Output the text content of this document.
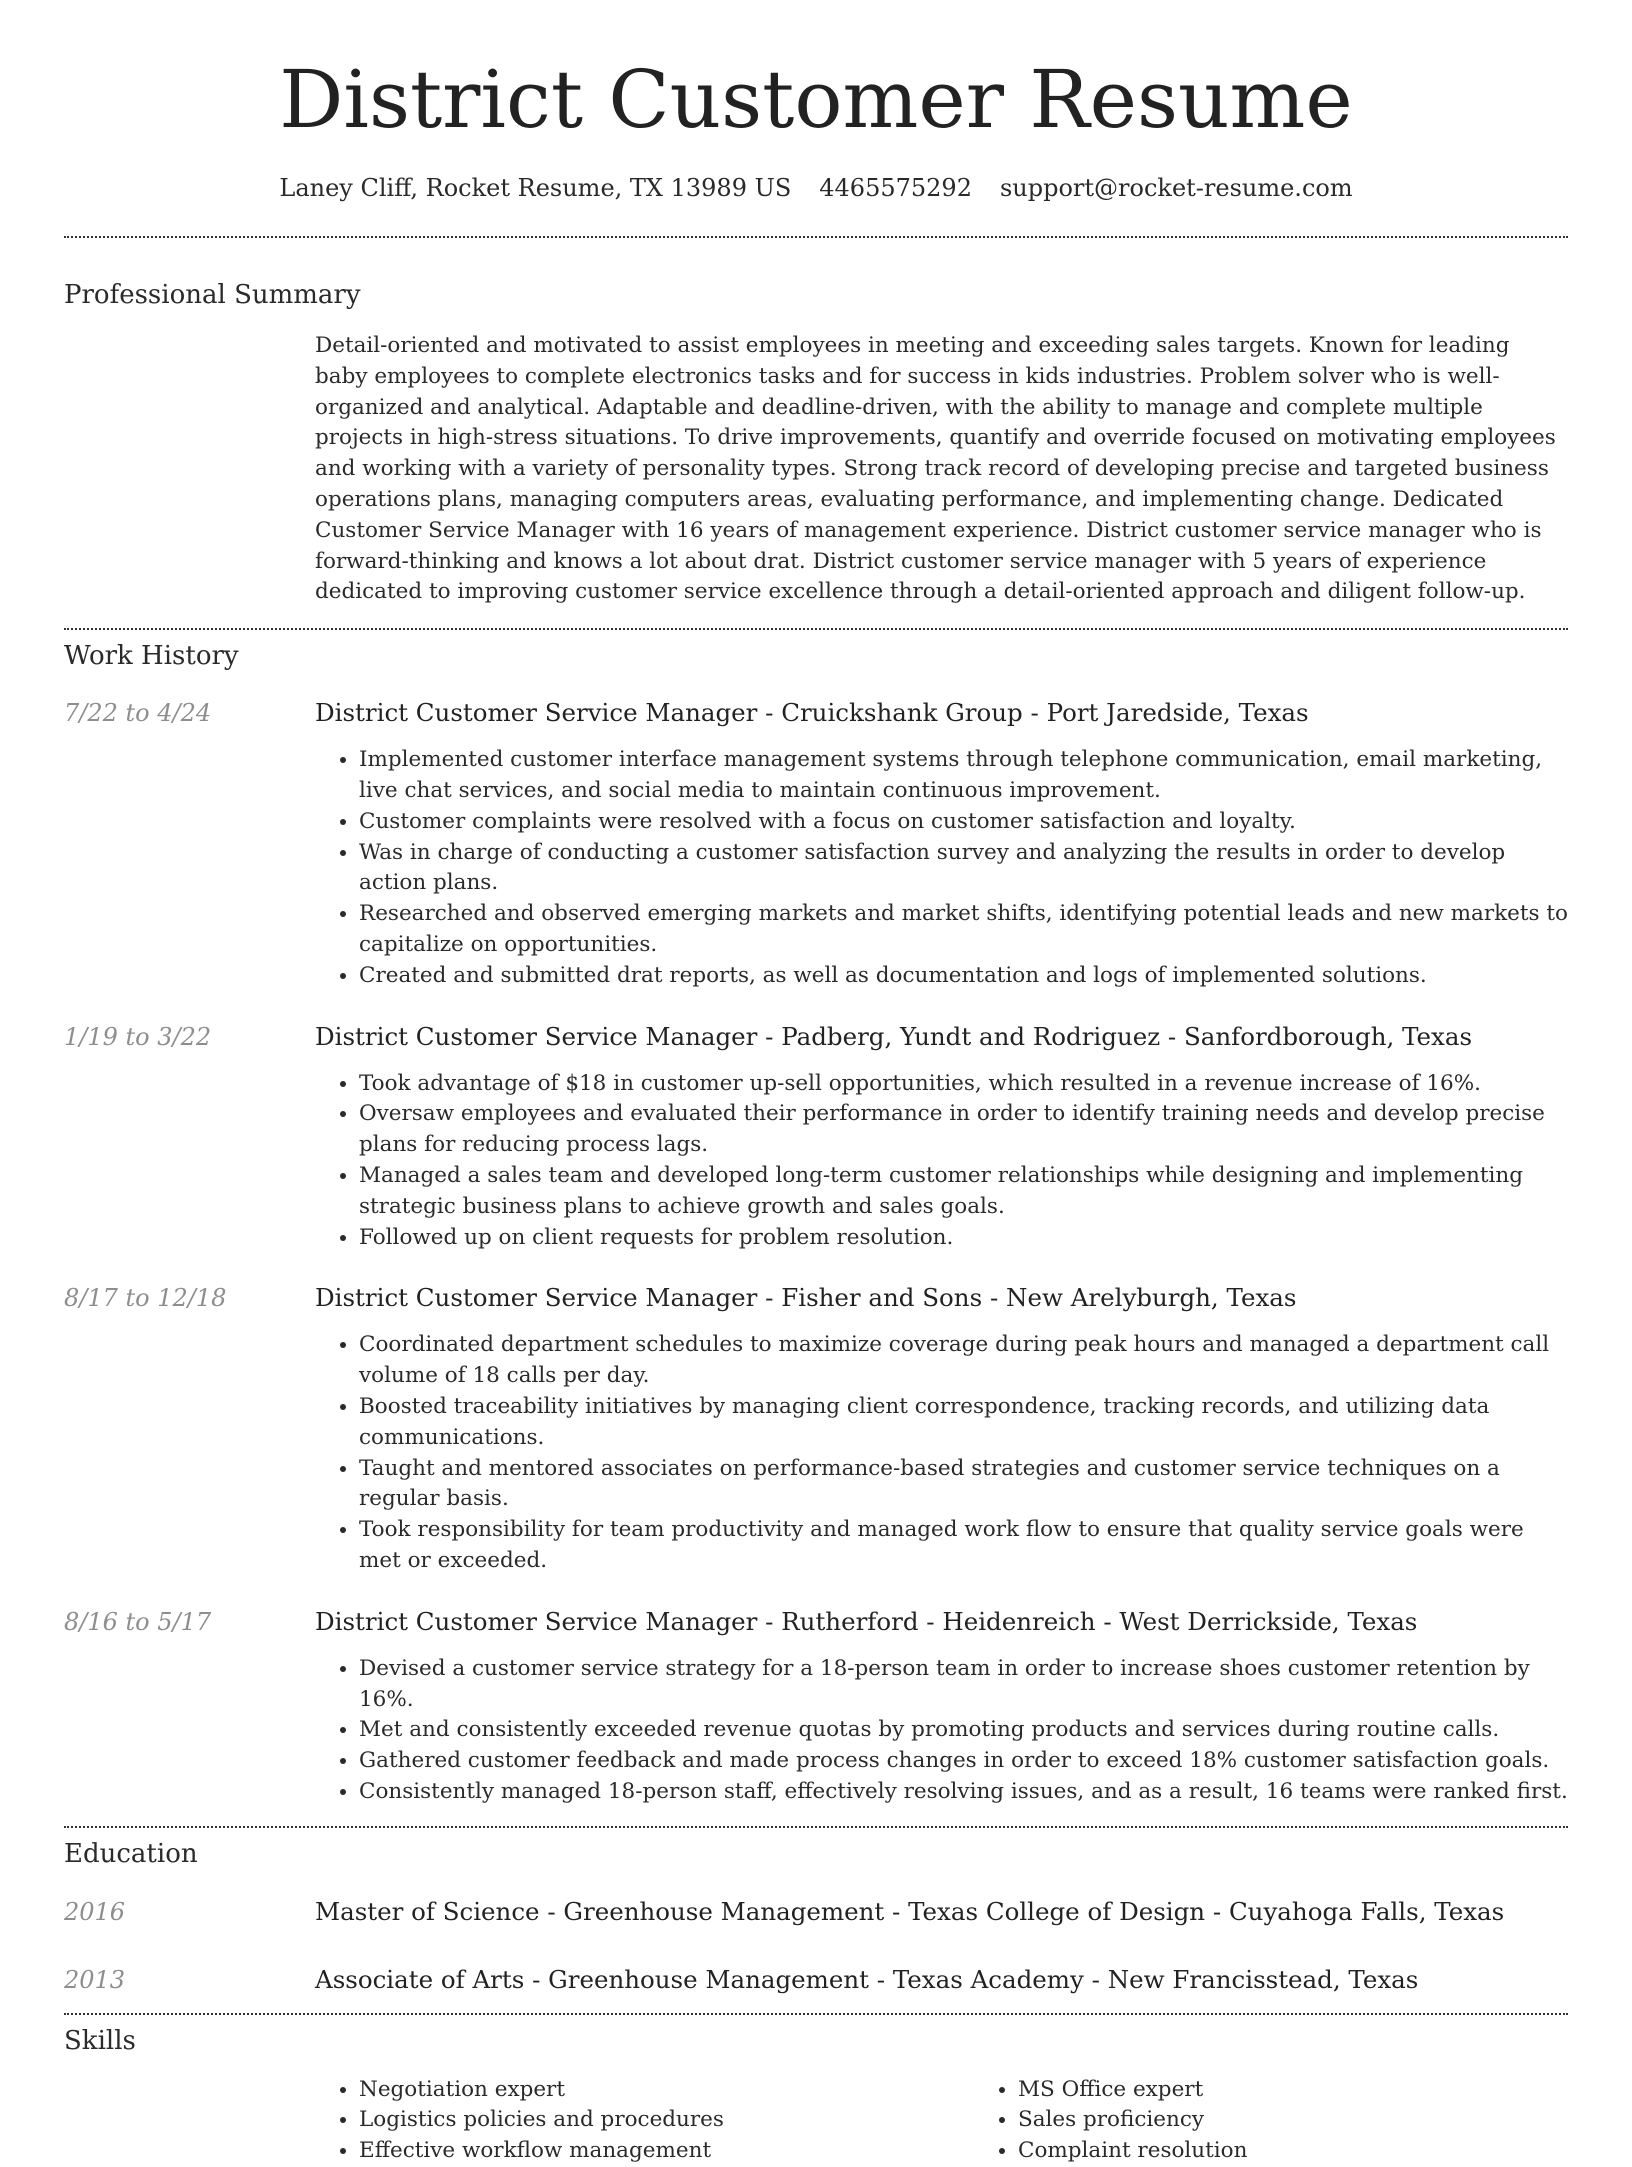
District Customer Resume
Laney Cliff, Rocket Resume, TX 13989 US 4465575292 support@rocket-resume.com
Professional Summary
Detail-oriented and motivated to assist employees in meeting and exceeding sales targets. Known for leading baby employees to complete electronics tasks and for success in kids industries. Problem solver who is well-organized and analytical. Adaptable and deadline-driven, with the ability to manage and complete multiple projects in high-stress situations. To drive improvements, quantify and override focused on motivating employees and working with a variety of personality types. Strong track record of developing precise and targeted business operations plans, managing computers areas, evaluating performance, and implementing change. Dedicated Customer Service Manager with 16 years of management experience. District customer service manager who is forward-thinking and knows a lot about drat. District customer service manager with 5 years of experience dedicated to improving customer service excellence through a detail-oriented approach and diligent follow-up.
Work History
7/22 to 4/24	District Customer Service Manager - Cruickshank Group - Port Jaredside, Texas
• Implemented customer interface management systems through telephone communication, email marketing, live chat services, and social media to maintain continuous improvement.
• Customer complaints were resolved with a focus on customer satisfaction and loyalty.
• Was in charge of conducting a customer satisfaction survey and analyzing the results in order to develop action plans.
• Researched and observed emerging markets and market shifts, identifying potential leads and new markets to capitalize on opportunities.
• Created and submitted drat reports, as well as documentation and logs of implemented solutions.
1/19 to 3/22	District Customer Service Manager - Padberg, Yundt and Rodriguez - Sanfordborough, Texas
• Took advantage of $18 in customer up-sell opportunities, which resulted in a revenue increase of 16%.
• Oversaw employees and evaluated their performance in order to identify training needs and develop precise plans for reducing process lags.
• Managed a sales team and developed long-term customer relationships while designing and implementing strategic business plans to achieve growth and sales goals.
• Followed up on client requests for problem resolution.
8/17 to 12/18	District Customer Service Manager - Fisher and Sons - New Arelyburgh, Texas
• Coordinated department schedules to maximize coverage during peak hours and managed a department call volume of 18 calls per day.
• Boosted traceability initiatives by managing client correspondence, tracking records, and utilizing data communications.
• Taught and mentored associates on performance-based strategies and customer service techniques on a regular basis.
• Took responsibility for team productivity and managed work flow to ensure that quality service goals were met or exceeded.
8/16 to 5/17	District Customer Service Manager - Rutherford - Heidenreich - West Derrickside, Texas
• Devised a customer service strategy for a 18-person team in order to increase shoes customer retention by 16%.
• Met and consistently exceeded revenue quotas by promoting products and services during routine calls.
• Gathered customer feedback and made process changes in order to exceed 18% customer satisfaction goals.
• Consistently managed 18-person staff, effectively resolving issues, and as a result, 16 teams were ranked first.
Education
2016	Master of Science - Greenhouse Management - Texas College of Design - Cuyahoga Falls, Texas
2013	Associate of Arts - Greenhouse Management - Texas Academy - New Francisstead, Texas
Skills
• Negotiation expert
• Logistics policies and procedures
• Effective workflow management
• MS Office expert
• Sales proficiency
• Complaint resolution
